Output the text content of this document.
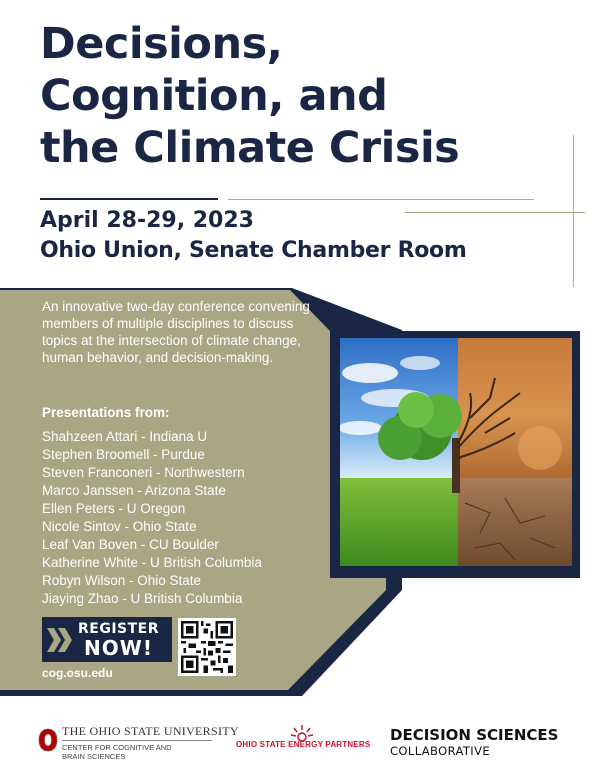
Decisions,
Cognition, and
the Climate Crisis
April 28-29, 2023
Ohio Union, Senate Chamber Room
An innovative two-day conference convening members of multiple disciplines to discuss topics at the intersection of climate change, human behavior, and decision-making.
Presentations from:
Shahzeen Attari - Indiana U
Stephen Broomell - Purdue
Steven Franconeri - Northwestern
Marco Janssen - Arizona State
Ellen Peters - U Oregon
Nicole Sintov - Ohio State
Leaf Van Boven - CU Boulder
Katherine White - U British Columbia
Robyn Wilson - Ohio State
Jiaying Zhao - U British Columbia
REGISTER
NOW!
cog.osu.edu
THE OHIO STATE UNIVERSITY
CENTER FOR COGNITIVE AND
BRAIN SCIENCES
OHIO STATE ENERGY PARTNERS
DECISION SCIENCES
COLLABORATIVE
